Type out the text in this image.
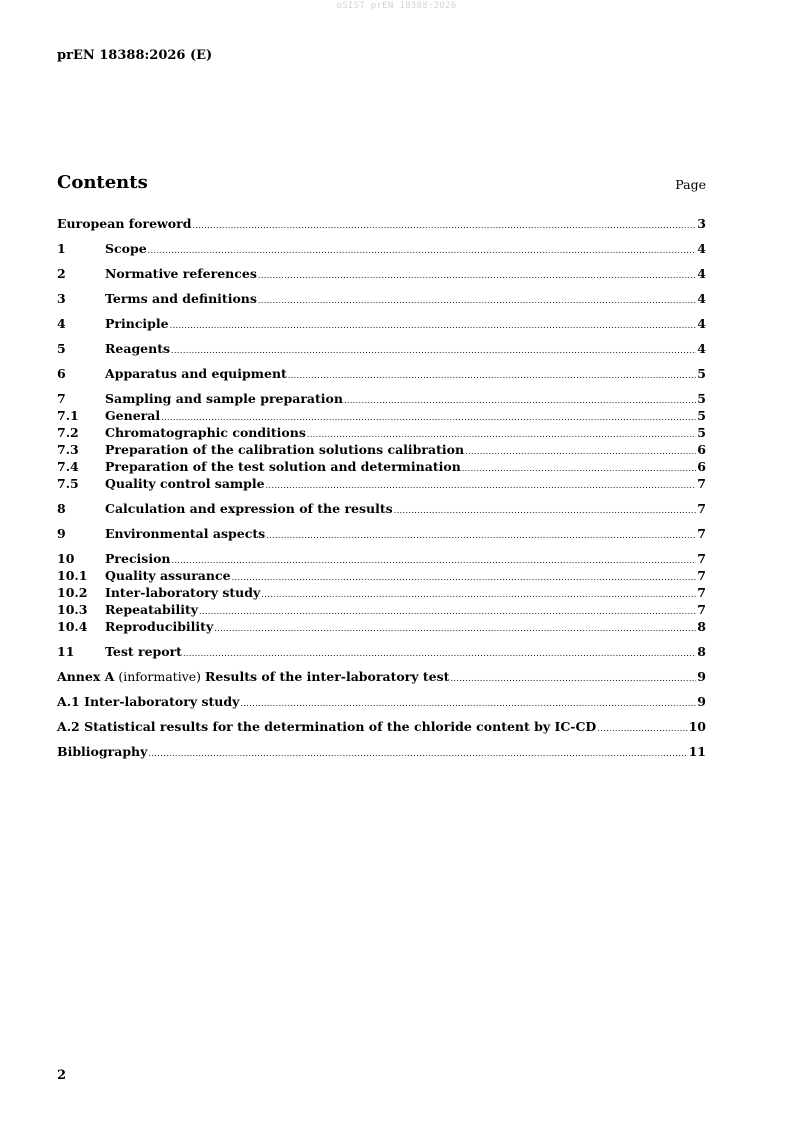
oSIST prEN 18388:2026
prEN 18388:2026 (E)
Contents	Page
European foreword .....	3
1	Scope .....	4
2	Normative references .....	4
3	Terms and definitions .....	4
4	Principle .....	4
5	Reagents .....	4
6	Apparatus and equipment .....	5
7	Sampling and sample preparation .....	5
7.1	General .....	5
7.2	Chromatographic conditions .....	5
7.3	Preparation of the calibration solutions calibration .....	6
7.4	Preparation of the test solution and determination .....	6
7.5	Quality control sample .....	7
8	Calculation and expression of the results .....	7
9	Environmental aspects .....	7
10	Precision .....	7
10.1	Quality assurance .....	7
10.2	Inter-laboratory study .....	7
10.3	Repeatability .....	7
10.4	Reproducibility .....	8
11	Test report .....	8
Annex A (informative) Results of the inter-laboratory test .....	9
A.1 Inter-laboratory study .....	9
A.2 Statistical results for the determination of the chloride content by IC-CD .....	10
Bibliography .....	11
2
